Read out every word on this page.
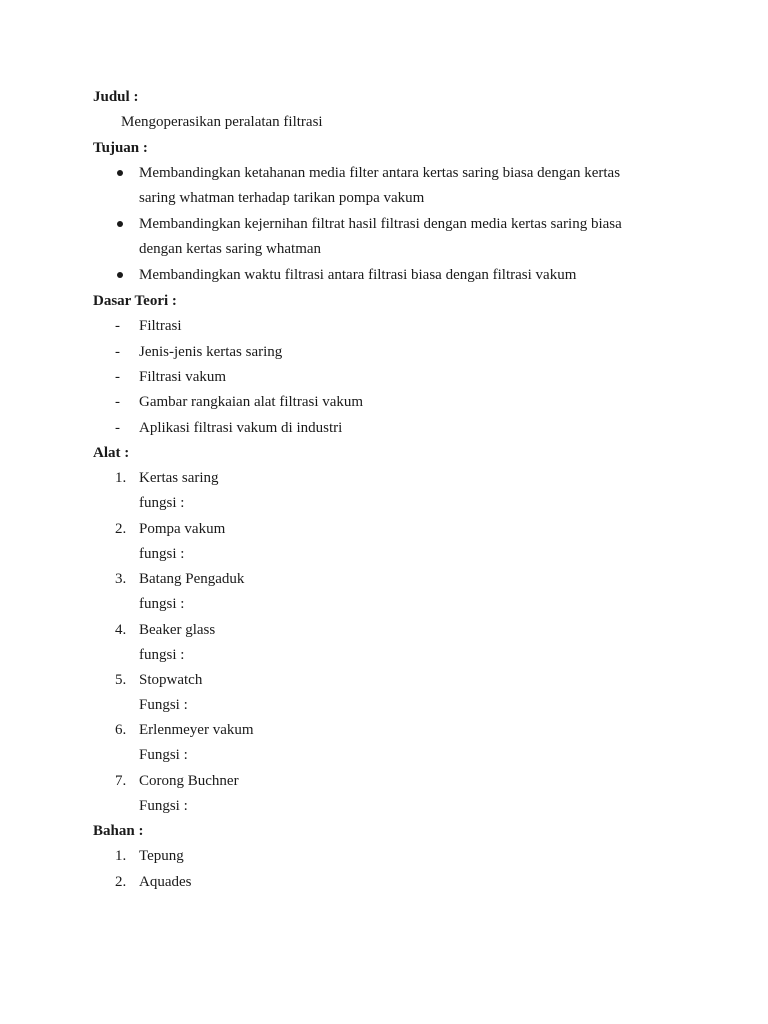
Judul :
Mengoperasikan peralatan filtrasi
Tujuan :
Membandingkan ketahanan media filter antara kertas saring biasa dengan kertas
saring whatman terhadap tarikan pompa vakum
Membandingkan kejernihan filtrat hasil filtrasi dengan media kertas saring biasa
dengan kertas saring whatman
Membandingkan waktu filtrasi antara filtrasi biasa dengan filtrasi vakum
Dasar Teori :
- Filtrasi
- Jenis-jenis kertas saring
- Filtrasi vakum
- Gambar rangkaian alat filtrasi vakum
- Aplikasi filtrasi vakum di industri
Alat :
1. Kertas saring
fungsi :
2. Pompa vakum
fungsi :
3. Batang Pengaduk
fungsi :
4. Beaker glass
fungsi :
5. Stopwatch
Fungsi :
6. Erlenmeyer vakum
Fungsi :
7. Corong Buchner
Fungsi :
Bahan :
1. Tepung
2. Aquades
